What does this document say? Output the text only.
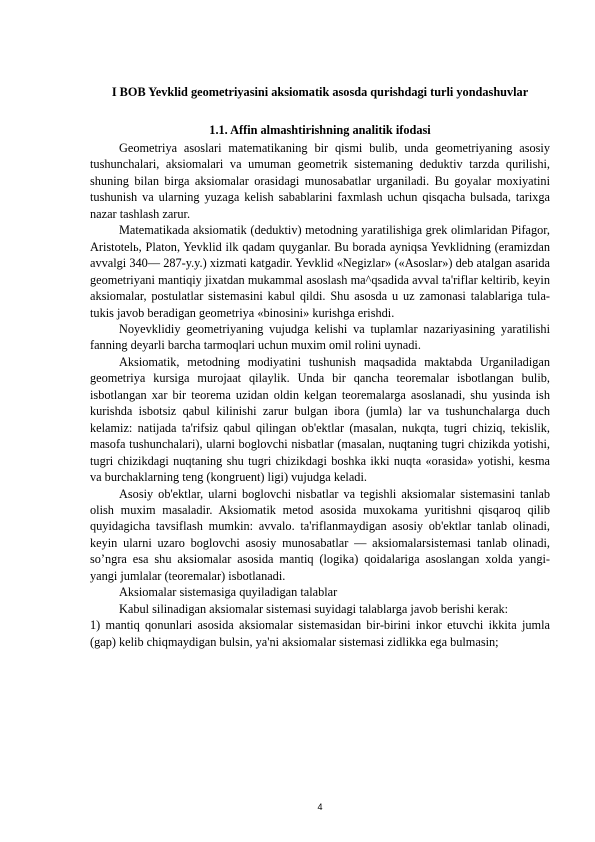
I BOB Yevklid geometriyasini aksiomatik asosda qurishdagi turli yondashuvlar
1.1. Affin almashtirishning analitik ifodasi

Geometriya asoslari matematikaning bir qismi bulib, unda geometriyaning asosiy tushunchalari, aksiomalari va umuman geometrik sistemaning deduktiv tarzda qurilishi, shuning bilan birga aksiomalar orasidagi munosabatlar urganiladi. Bu goyalar moxiyatini tushunish va ularning yuzaga kelish sabablarini faxmlash uchun qisqacha bulsada, tarixga nazar tashlash zarur.

Matematikada aksiomatik (deduktiv) metodning yaratilishiga grek olimlaridan Pifagor, Aristotelь, Platon, Yevklid ilk qadam quyganlar. Bu borada ayniqsa Yevklidning (eramizdan avvalgi 340— 287-y.y.) xizmati katgadir. Yevklid «Negizlar» («Asoslar») deb atalgan asarida geometriyani mantiqiy jixatdan mukammal asoslash ma^qsadida avval ta'riflar keltirib, keyin aksiomalar, postulatlar sistemasini kabul qildi. Shu asosda u uz zamonasi talablariga tula-tukis javob beradigan geometriya «binosini» kurishga erishdi.

Noyevklidiy geometriyaning vujudga kelishi va tuplamlar nazariyasining yaratilishi fanning deyarli barcha tarmoqlari uchun muxim omil rolini uynadi.

Aksiomatik, metodning modiyatini tushunish maqsadida maktabda Urganiladigan geometriya kursiga murojaat qilaylik. Unda bir qancha teoremalar isbotlangan bulib, isbotlangan xar bir teorema uzidan oldin kelgan teoremalarga asoslanadi, shu yusinda ish kurishda isbotsiz qabul kilinishi zarur bulgan ibora (jumla) lar va tushunchalarga duch kelamiz: natijada ta'rifsiz qabul qilingan ob'ektlar (masalan, nukqta, tugri chiziq, tekislik, masofa tushunchalari), ularni boglovchi nisbatlar (masalan, nuqtaning tugri chizikda yotishi, tugri chizikdagi nuqtaning shu tugri chizikdagi boshka ikki nuqta «orasida» yotishi, kesma va burchaklarning teng (kongruent) ligi) vujudga keladi.

Asosiy ob'ektlar, ularni boglovchi nisbatlar va tegishli aksiomalar sistemasini tanlab olish muxim masaladir. Aksiomatik metod asosida muxokama yuritishni qisqaroq qilib quyidagicha tavsiflash mumkin: avvalo. ta'riflanmaydigan asosiy ob'ektlar tanlab olinadi, keyin ularni uzaro boglovchi asosiy munosabatlar — aksiomalarsistemasi tanlab olinadi, so’ngra esa shu aksiomalar asosida mantiq (logika) qoidalariga asoslangan xolda yangi- yangi jumlalar (teoremalar) isbotlanadi.

Aksiomalar sistemasiga quyiladigan talablar

Kabul silinadigan aksiomalar sistemasi suyidagi talablarga javob berishi kerak:

1) mantiq qonunlari asosida aksiomalar sistemasidan bir-birini inkor etuvchi ikkita jumla (gap) kelib chiqmaydigan bulsin, ya'ni aksiomalar sistemasi zidlikka ega bulmasin;

4
